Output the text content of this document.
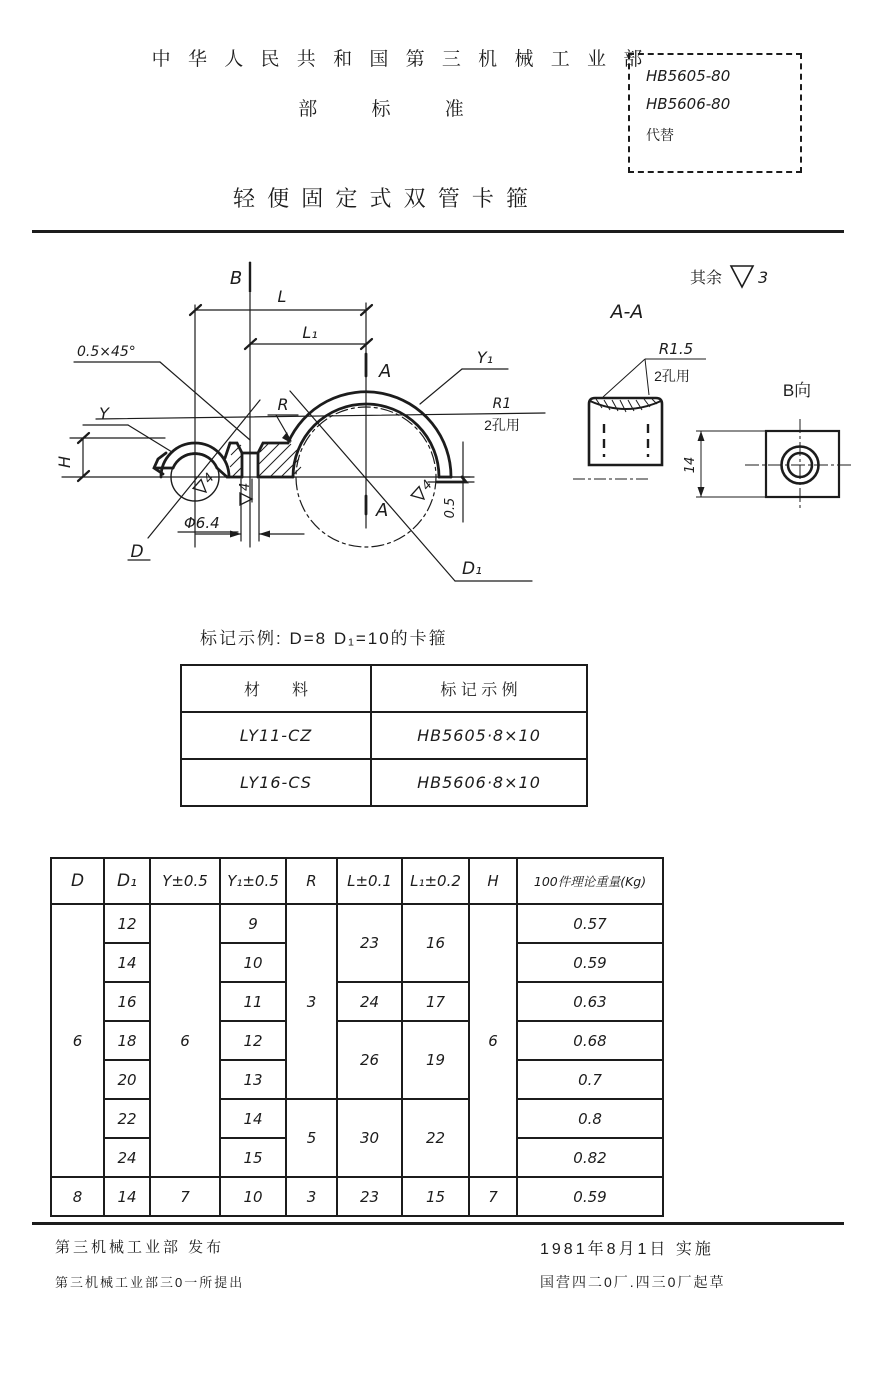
中 华 人 民 共 和 国 第 三 机 械 工 业 部
部　 标　 准
HB5605-80
HB5606-80
代替
轻 便 固 定 式 双 管 卡 箍
B
L
L₁
A
A
0.5×45°
Y
H
R
Y₁
R1
2孔用
Φ6.4
D
D₁
0.5
4
4	4
其余 3
A-A
R1.5
2孔用
B向
14
标记示例: D=8 D₁=10的卡箍
材　　料	标 记 示 例
LY11-CZ	HB5605·8×10
LY16-CS	HB5606·8×10
D	D₁	Y±0.5	Y₁±0.5	R	L±0.1	L₁±0.2	H	100件理论重量(Kg)
6	12	6	9	3	23	16	6	0.57
	14		10					0.59
	16		11		24	17		0.63
	18		12		26	19		0.68
	20		13					0.7
	22		14	5	30	22		0.8
	24		15					0.82
8	14	7	10	3	23	15	7	0.59
第三机械工业部 发布
第三机械工业部三0一所提出
1981年8月1日 实施
国营四二0厂.四三0厂起草
